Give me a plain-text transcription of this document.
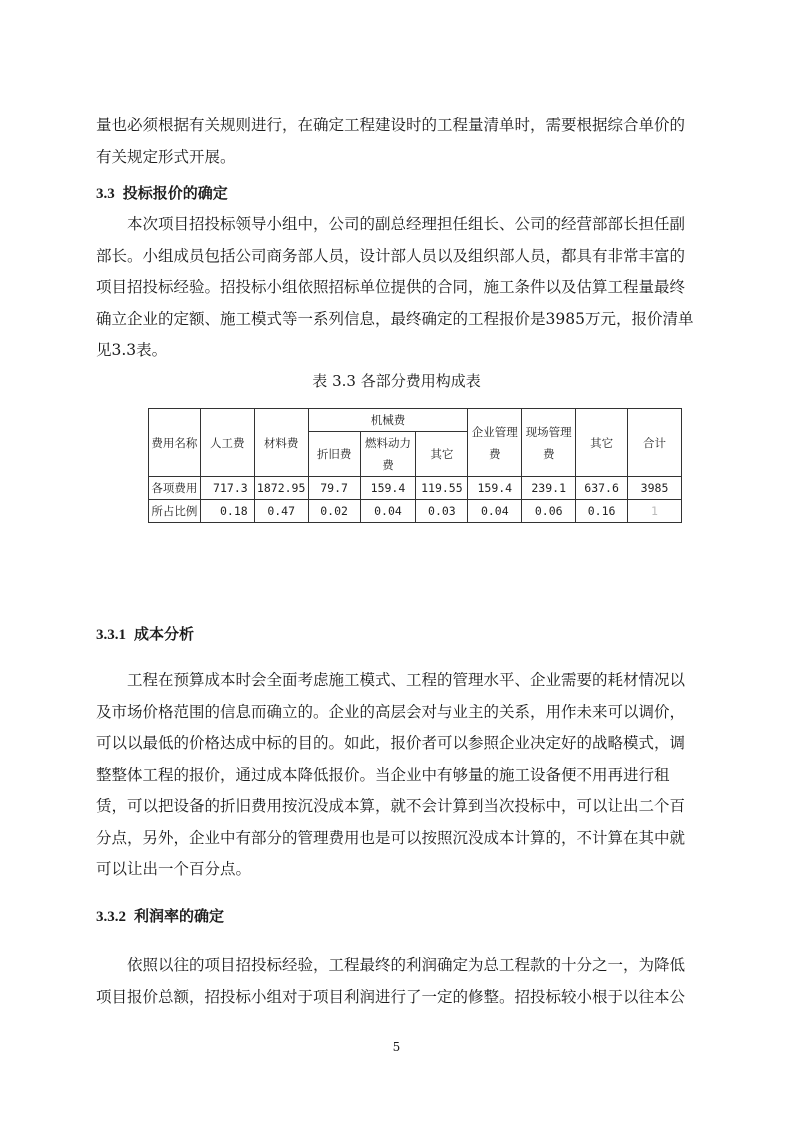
量也必须根据有关规则进行，在确定工程建设时的工程量清单时，需要根据综合单价的有关规定形式开展。

3.3 投标报价的确定

本次项目招投标领导小组中，公司的副总经理担任组长、公司的经营部部长担任副部长。小组成员包括公司商务部人员，设计部人员以及组织部人员，都具有非常丰富的项目招投标经验。招投标小组依照招标单位提供的合同，施工条件以及估算工程量最终确立企业的定额、施工模式等一系列信息，最终确定的工程报价是3985万元，报价清单见3.3表。

表 3.3 各部分费用构成表

费用名称	人工费	材料费	机械费			企业管理费	现场管理费	其它	合计
			折旧费	燃料动力费	其它				
各项费用	717.3	1872.95	79.7	159.4	119.55	159.4	239.1	637.6	3985
所占比例	0.18	0.47	0.02	0.04	0.03	0.04	0.06	0.16	1
3.3.1 成本分析

工程在预算成本时会全面考虑施工模式、工程的管理水平、企业需要的耗材情况以及市场价格范围的信息而确立的。企业的高层会对与业主的关系，用作未来可以调价，可以以最低的价格达成中标的目的。如此，报价者可以参照企业决定好的战略模式，调整整体工程的报价，通过成本降低报价。当企业中有够量的施工设备便不用再进行租赁，可以把设备的折旧费用按沉没成本算，就不会计算到当次投标中，可以让出二个百分点，另外，企业中有部分的管理费用也是可以按照沉没成本计算的，不计算在其中就可以让出一个百分点。

3.3.2 利润率的确定

依照以往的项目招投标经验，工程最终的利润确定为总工程款的十分之一，为降低项目报价总额，招投标小组对于项目利润进行了一定的修整。招投标较小根于以往本公

5
